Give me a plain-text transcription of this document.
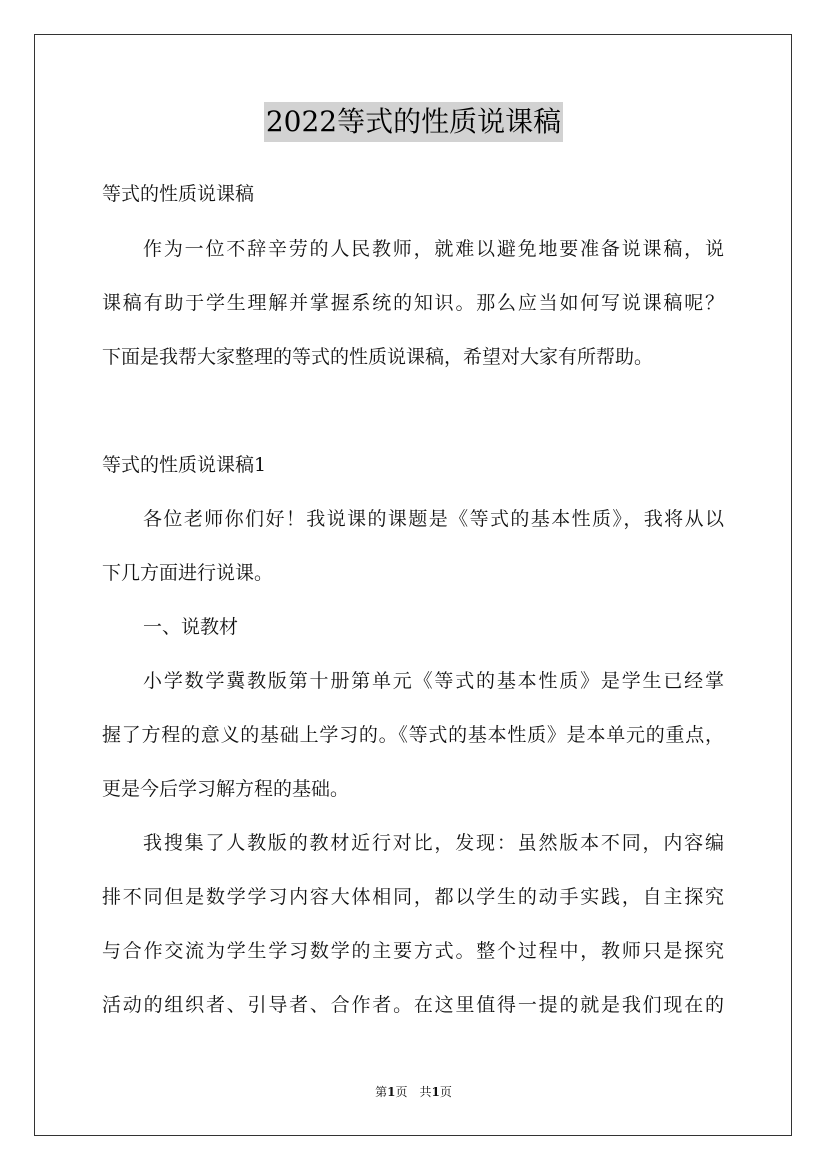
2022等式的性质说课稿
等式的性质说课稿
作为一位不辞辛劳的人民教师，就难以避免地要准备说课稿，说
课稿有助于学生理解并掌握系统的知识。那么应当如何写说课稿呢？
下面是我帮大家整理的等式的性质说课稿，希望对大家有所帮助。
等式的性质说课稿1
各位老师你们好！我说课的课题是《等式的基本性质》，我将从以
下几方面进行说课。
一、说教材
小学数学冀教版第十册第单元《等式的基本性质》是学生已经掌
握了方程的意义的基础上学习的。《等式的基本性质》是本单元的重点，
更是今后学习解方程的基础。
我搜集了人教版的教材近行对比，发现：虽然版本不同，内容编
排不同但是数学学习内容大体相同，都以学生的动手实践，自主探究
与合作交流为学生学习数学的主要方式。整个过程中，教师只是探究
活动的组织者、引导者、合作者。在这里值得一提的就是我们现在的
第1页　共1页
